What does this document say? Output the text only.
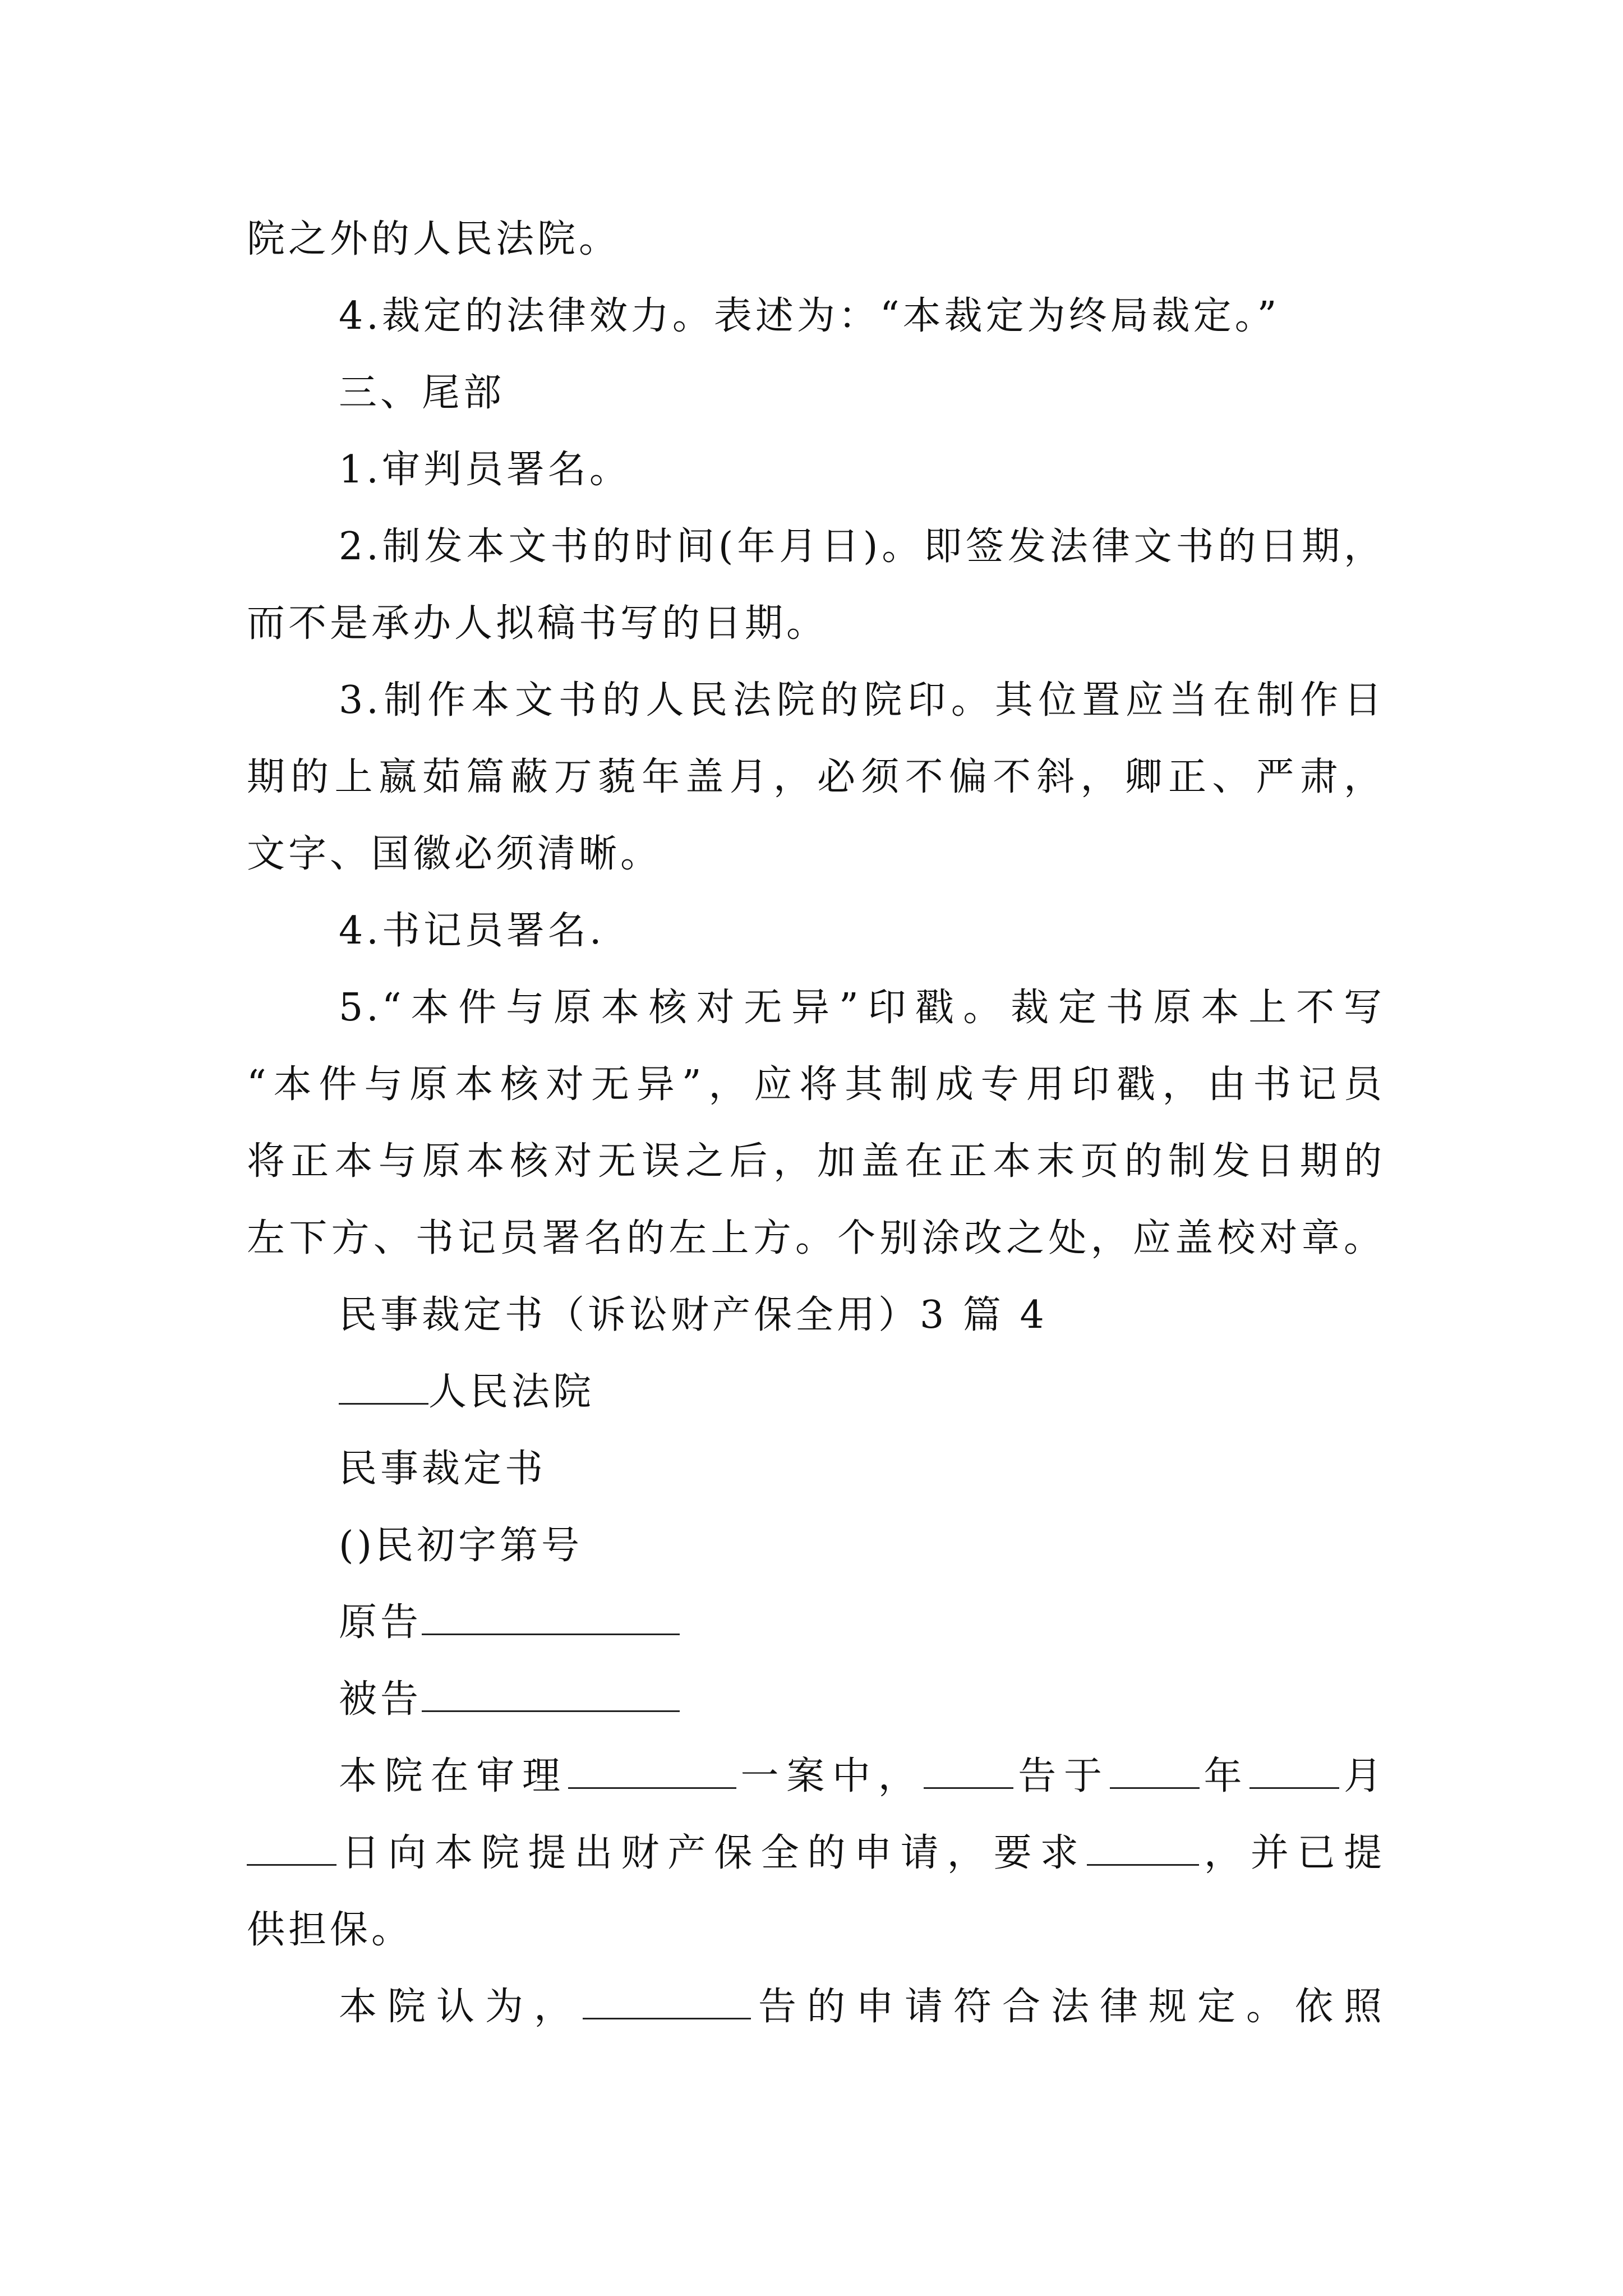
院之外的人民法院。
4.裁定的法律效力。表述为：“本裁定为终局裁定。”
三、尾部
1.审判员署名。
2.制发本文书的时间(年月日)。即签发法律文书的日期，
而不是承办人拟稿书写的日期。
3.制作本文书的人民法院的院印。其位置应当在制作日
期的上嬴茹篇蔽万藐年盖月，必须不偏不斜，卿正、严肃，
文字、国徽必须清晰。
4.书记员署名.
5.“本件与原本核对无异”印戳。裁定书原本上不写
“本件与原本核对无异”，应将其制成专用印戳，由书记员
将正本与原本核对无误之后，加盖在正本末页的制发日期的
左下方、书记员署名的左上方。个别涂改之处，应盖校对章。
民事裁定书（诉讼财产保全用）3 篇 4
人民法院
民事裁定书
()民初字第号
原告
被告
本院在审理	一案中， 告于 年 月
日向本院提出财产保全的申请，要求	，并已提
供担保。
本院认为，	告的申请符合法律规定。依照
